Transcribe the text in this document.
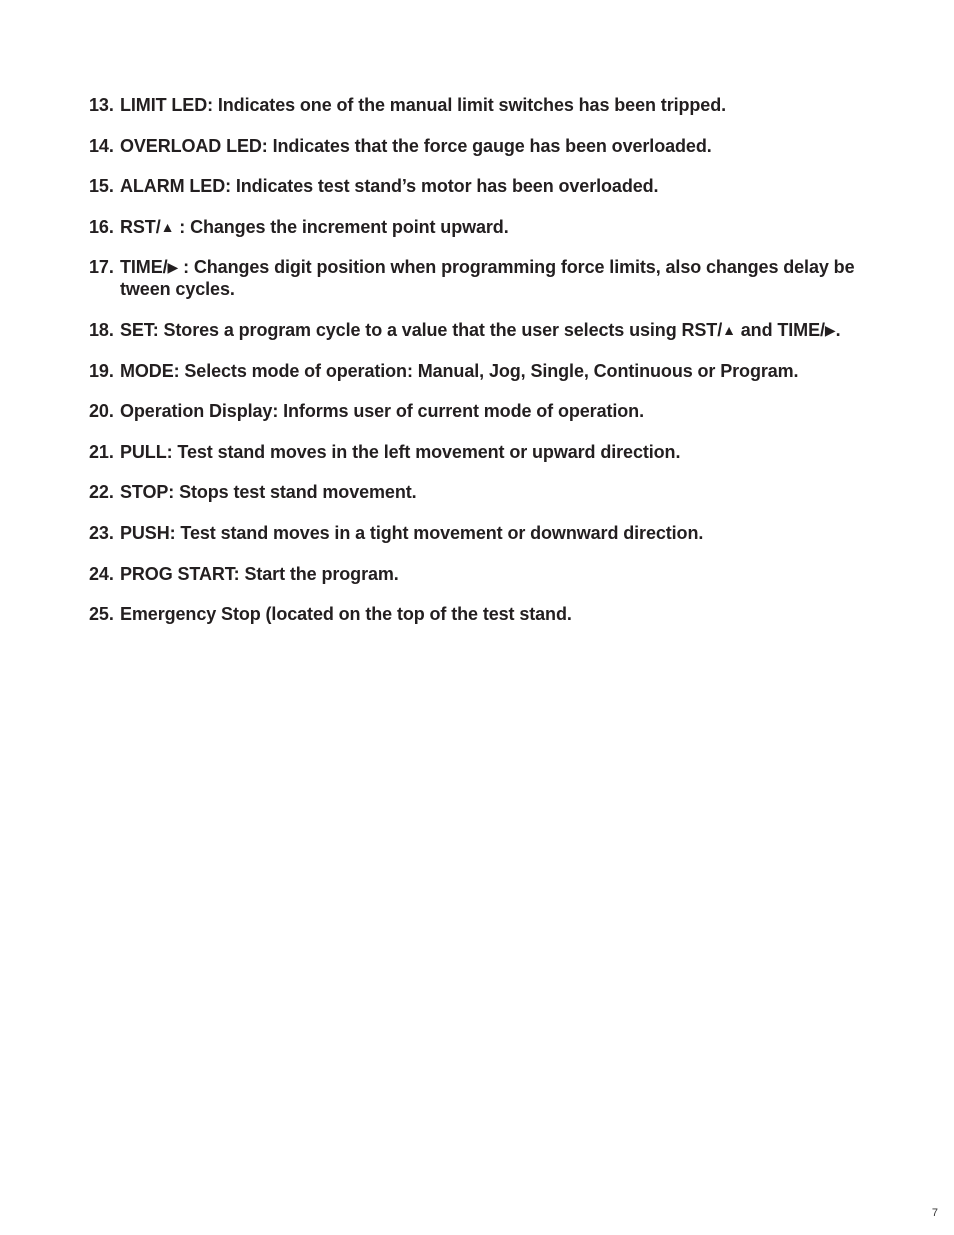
13. LIMIT LED: Indicates one of the manual limit switches has been tripped.
14. OVERLOAD LED: Indicates that the force gauge has been overloaded.
15. ALARM LED: Indicates test stand’s motor has been overloaded.
16. RST/▲ : Changes the increment point upward.
17. TIME/▶ : Changes digit position when programming force limits, also changes delay be tween cycles.
18. SET: Stores a program cycle to a value that the user selects using RST/▲ and TIME/▶.
19. MODE: Selects mode of operation: Manual, Jog, Single, Continuous or Program.
20. Operation Display: Informs user of current mode of operation.
21. PULL: Test stand moves in the left movement or upward direction.
22. STOP: Stops test stand movement.
23. PUSH: Test stand moves in a tight movement or downward direction.
24. PROG START: Start the program.
25. Emergency Stop (located on the top of the test stand.
7
